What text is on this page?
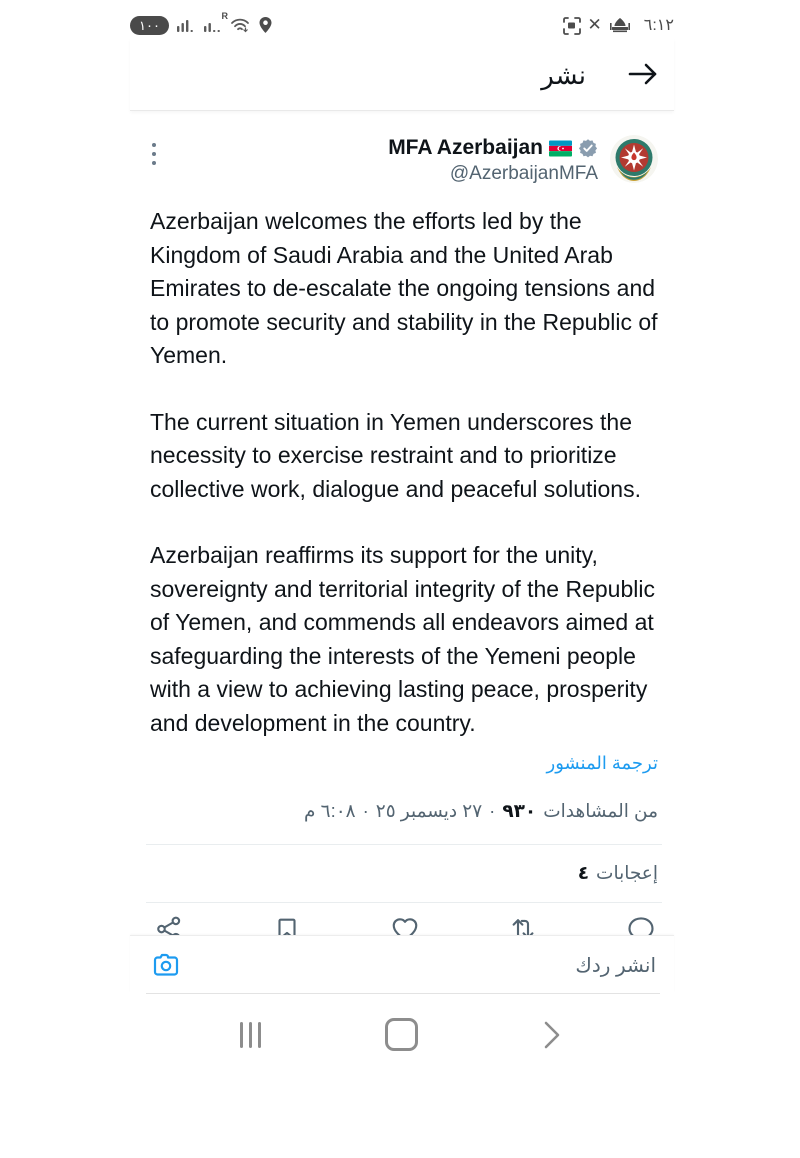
١٠٠
R	✕	٦:١٢
نشر
MFA Azerbaijan
@AzerbaijanMFA

Azerbaijan welcomes the efforts led by the Kingdom of Saudi Arabia and the United Arab Emirates to de-escalate the ongoing tensions and to promote security and stability in the Republic of Yemen.

The current situation in Yemen underscores the necessity to exercise restraint and to prioritize collective work, dialogue and peaceful solutions.

Azerbaijan reaffirms its support for the unity, sovereignty and territorial integrity of the Republic of Yemen, and commends all endeavors aimed at safeguarding the interests of the Yemeni people with a view to achieving lasting peace, prosperity and development in the country.

ترجمة المنشور
٦:٠٨ م · ٢٧ ديسمبر ٢٥ · ٩٣٠ من المشاهدات
٤ إعجابات
انشر ردك
